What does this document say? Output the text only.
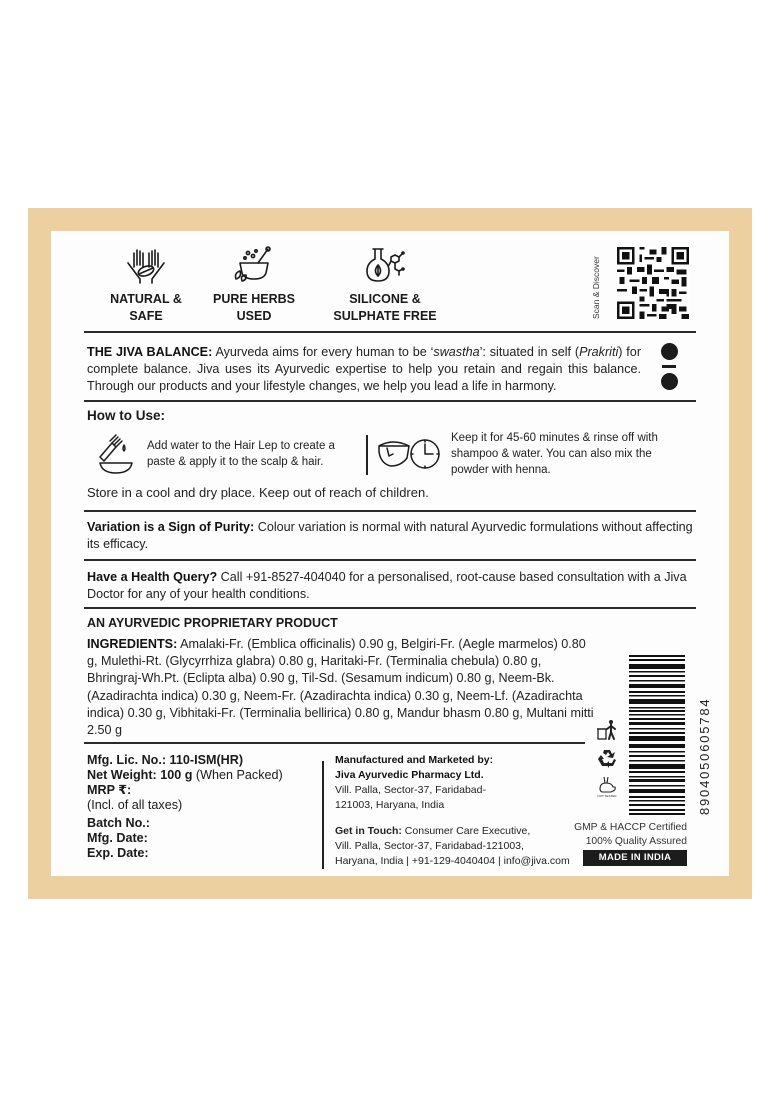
NATURAL &
SAFE
PURE HERBS
USED
SILICONE &
SULPHATE FREE	Scan & Discover
THE JIVA BALANCE: Ayurveda aims for every human to be ‘swastha’: situated in self (Prakriti) for complete balance. Jiva uses its Ayurvedic expertise to help you retain and regain this balance. Through our products and your lifestyle changes, we help you lead a life in harmony.
How to Use:
Add water to the Hair Lep to create a paste & apply it to the scalp & hair.
Keep it for 45-60 minutes & rinse off with shampoo & water. You can also mix the powder with henna.
Store in a cool and dry place. Keep out of reach of children.
Variation is a Sign of Purity: Colour variation is normal with natural Ayurvedic formulations without affecting its efficacy.
Have a Health Query? Call +91-8527-404040 for a personalised, root-cause based consultation with a Jiva Doctor for any of your health conditions.
AN AYURVEDIC PROPRIETARY PRODUCT
INGREDIENTS: Amalaki-Fr. (Emblica officinalis) 0.90 g, Belgiri-Fr. (Aegle marmelos) 0.80 g, Mulethi-Rt. (Glycyrrhiza glabra) 0.80 g, Haritaki-Fr. (Terminalia chebula) 0.80 g, Bhringraj-Wh.Pt. (Eclipta alba) 0.90 g, Til-Sd. (Sesamum indicum) 0.80 g, Neem-Bk. (Azadirachta indica) 0.30 g, Neem-Fr. (Azadirachta indica) 0.30 g, Neem-Lf. (Azadirachta indica) 0.30 g, Vibhitaki-Fr. (Terminalia bellirica) 0.80 g, Mandur bhasm 0.80 g, Multani mitti 2.50 g
Mfg. Lic. No.: 110-ISM(HR)
Net Weight: 100 g (When Packed)
MRP ₹:
(Incl. of all taxes)
Batch No.:
Mfg. Date:
Exp. Date:
Manufactured and Marketed by:
Jiva Ayurvedic Pharmacy Ltd.
Vill. Palla, Sector-37, Faridabad-
121003, Haryana, India
Get in Touch: Consumer Care Executive,
Vill. Palla, Sector-37, Faridabad-121003,
Haryana, India | +91-129-4040404 | info@jiva.com
NOT TESTED	8904050605784
GMP & HACCP Certified
100% Quality Assured
MADE IN INDIA
